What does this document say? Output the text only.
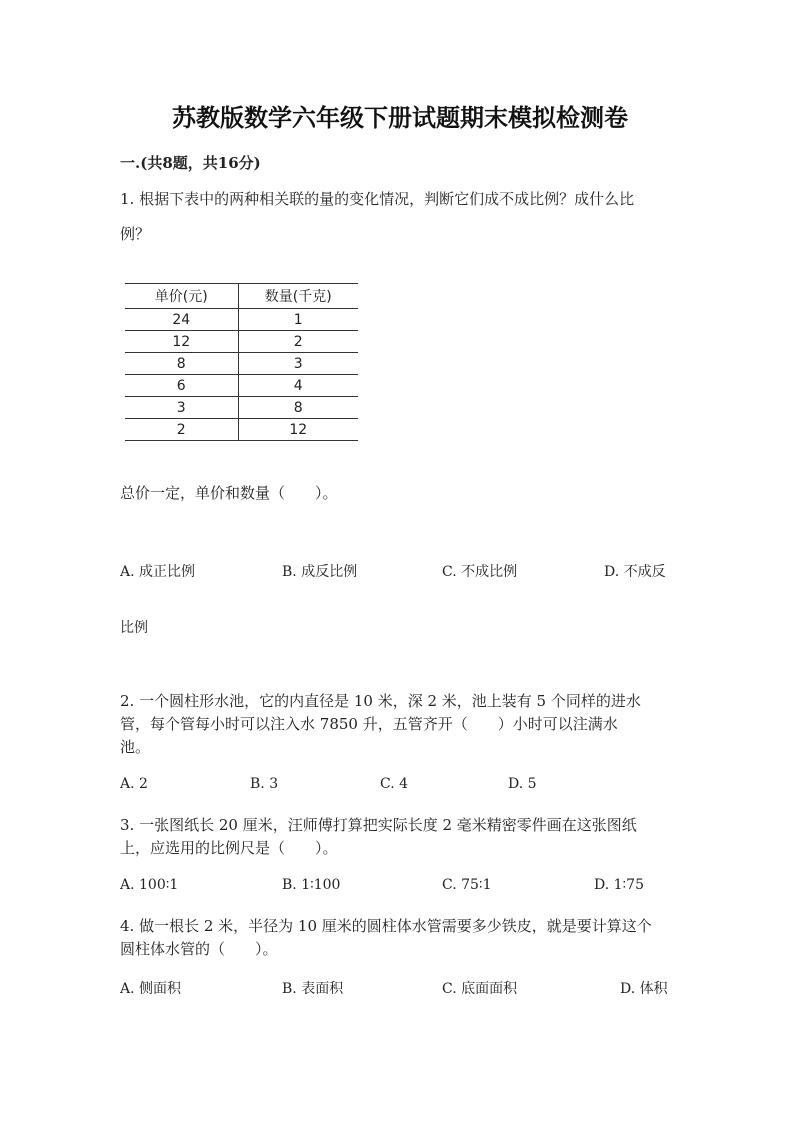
苏教版数学六年级下册试题期末模拟检测卷
一.(共8题，共16分)
1. 根据下表中的两种相关联的量的变化情况，判断它们成不成比例？成什么比
例？
单价(元)	数量(千克)
24	1
12	2
8	3
6	4
3	8
2	12
总价一定，单价和数量（　　）。
A. 成正比例	B. 成反比例	C. 不成比例	D. 不成反
比例
2. 一个圆柱形水池，它的内直径是 10 米，深 2 米，池上装有 5 个同样的进水
管，每个管每小时可以注入水 7850 升，五管齐开（　　）小时可以注满水
池。
A. 2	B. 3	C. 4	D. 5
3. 一张图纸长 20 厘米，汪师傅打算把实际长度 2 毫米精密零件画在这张图纸
上，应选用的比例尺是（　　）。
A. 100∶1	B. 1∶100	C. 75∶1	D. 1∶75
4. 做一根长 2 米，半径为 10 厘米的圆柱体水管需要多少铁皮，就是要计算这个
圆柱体水管的（　　）。
A. 侧面积	B. 表面积	C. 底面面积	D. 体积
